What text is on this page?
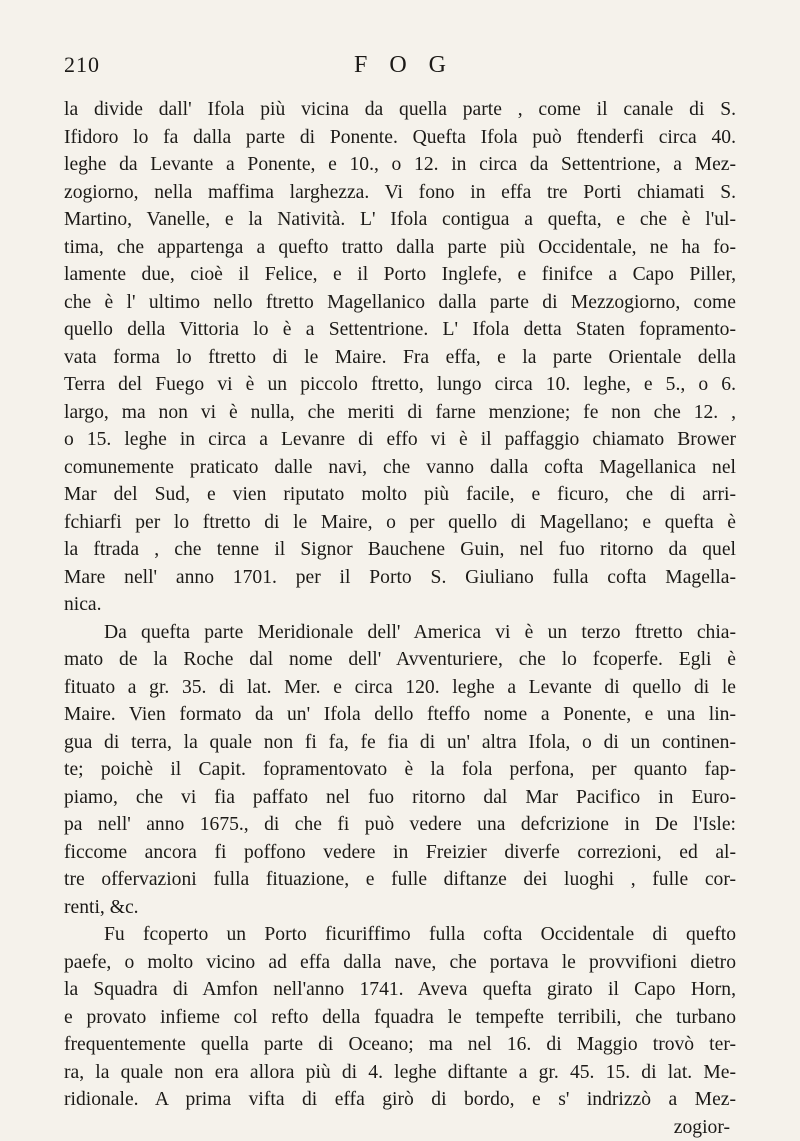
210	F O G
la divide dall' Ifola più vicina da quella parte , come il canale di S.
Ifidoro lo fa dalla parte di Ponente. Quefta Ifola può ftenderfi circa 40.
leghe da Levante a Ponente, e 10., o 12. in circa da Settentrione, a Mez-
zogiorno, nella maffima larghezza. Vi fono in effa tre Porti chiamati S.
Martino, Vanelle, e la Natività. L' Ifola contigua a quefta, e che è l'ul-
tima, che appartenga a quefto tratto dalla parte più Occidentale, ne ha fo-
lamente due, cioè il Felice, e il Porto Inglefe, e finifce a Capo Piller,
che è l' ultimo nello ftretto Magellanico dalla parte di Mezzogiorno, come
quello della Vittoria lo è a Settentrione. L' Ifola detta Staten fopramento-
vata forma lo ftretto di le Maire. Fra effa, e la parte Orientale della
Terra del Fuego vi è un piccolo ftretto, lungo circa 10. leghe, e 5., o 6.
largo, ma non vi è nulla, che meriti di farne menzione; fe non che 12. ,
o 15. leghe in circa a Levanre di effo vi è il paffaggio chiamato Brower
comunemente praticato dalle navi, che vanno dalla cofta Magellanica nel
Mar del Sud, e vien riputato molto più facile, e ficuro, che di arri-
fchiarfi per lo ftretto di le Maire, o per quello di Magellano; e quefta è
la ftrada , che tenne il Signor Bauchene Guin, nel fuo ritorno da quel
Mare nell' anno 1701. per il Porto S. Giuliano fulla cofta Magella-
nica.
Da quefta parte Meridionale dell' America vi è un terzo ftretto chia-
mato de la Roche dal nome dell' Avventuriere, che lo fcoperfe. Egli è
fituato a gr. 35. di lat. Mer. e circa 120. leghe a Levante di quello di le
Maire. Vien formato da un' Ifola dello fteffo nome a Ponente, e una lin-
gua di terra, la quale non fi fa, fe fia di un' altra Ifola, o di un continen-
te; poichè il Capit. fopramentovato è la fola perfona, per quanto fap-
piamo, che vi fia paffato nel fuo ritorno dal Mar Pacifico in Euro-
pa nell' anno 1675., di che fi può vedere una defcrizione in De l'Isle:
ficcome ancora fi poffono vedere in Freizier diverfe correzioni, ed al-
tre offervazioni fulla fituazione, e fulle diftanze dei luoghi , fulle cor-
renti, &c.
Fu fcoperto un Porto ficuriffimo fulla cofta Occidentale di quefto
paefe, o molto vicino ad effa dalla nave, che portava le provvifioni dietro
la Squadra di Amfon nell'anno 1741. Aveva quefta girato il Capo Horn,
e provato infieme col refto della fquadra le tempefte terribili, che turbano
frequentemente quella parte di Oceano; ma nel 16. di Maggio trovò ter-
ra, la quale non era allora più di 4. leghe diftante a gr. 45. 15. di lat. Me-
ridionale. A prima vifta di effa girò di bordo, e s' indrizzò a Mez-
zogior-
